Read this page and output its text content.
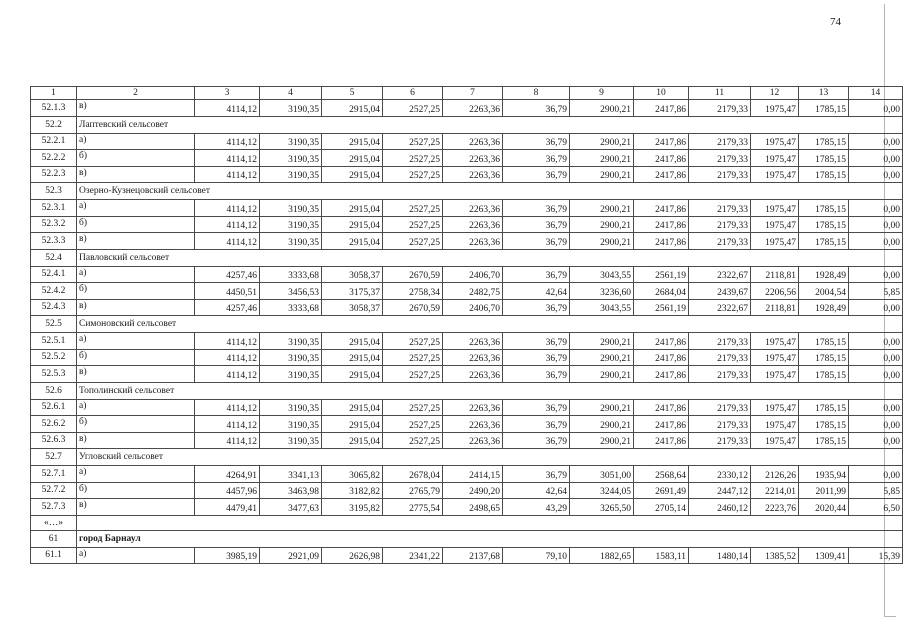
74
1	2	3	4	5	6	7	8	9	10	11	12	13	14
52.1.3	в)	4114,12	3190,35	2915,04	2527,25	2263,36	36,79	2900,21	2417,86	2179,33	1975,47	1785,15	0,00
52.2	Лаптевский сельсовет												
52.2.1	а)	4114,12	3190,35	2915,04	2527,25	2263,36	36,79	2900,21	2417,86	2179,33	1975,47	1785,15	0,00
52.2.2	б)	4114,12	3190,35	2915,04	2527,25	2263,36	36,79	2900,21	2417,86	2179,33	1975,47	1785,15	0,00
52.2.3	в)	4114,12	3190,35	2915,04	2527,25	2263,36	36,79	2900,21	2417,86	2179,33	1975,47	1785,15	0,00
52.3	Озерно-Кузнецовский сельсовет												
52.3.1	а)	4114,12	3190,35	2915,04	2527,25	2263,36	36,79	2900,21	2417,86	2179,33	1975,47	1785,15	0,00
52.3.2	б)	4114,12	3190,35	2915,04	2527,25	2263,36	36,79	2900,21	2417,86	2179,33	1975,47	1785,15	0,00
52.3.3	в)	4114,12	3190,35	2915,04	2527,25	2263,36	36,79	2900,21	2417,86	2179,33	1975,47	1785,15	0,00
52.4	Павловский сельсовет												
52.4.1	а)	4257,46	3333,68	3058,37	2670,59	2406,70	36,79	3043,55	2561,19	2322,67	2118,81	1928,49	0,00
52.4.2	б)	4450,51	3456,53	3175,37	2758,34	2482,75	42,64	3236,60	2684,04	2439,67	2206,56	2004,54	5,85
52.4.3	в)	4257,46	3333,68	3058,37	2670,59	2406,70	36,79	3043,55	2561,19	2322,67	2118,81	1928,49	0,00
52.5	Симоновский сельсовет												
52.5.1	а)	4114,12	3190,35	2915,04	2527,25	2263,36	36,79	2900,21	2417,86	2179,33	1975,47	1785,15	0,00
52.5.2	б)	4114,12	3190,35	2915,04	2527,25	2263,36	36,79	2900,21	2417,86	2179,33	1975,47	1785,15	0,00
52.5.3	в)	4114,12	3190,35	2915,04	2527,25	2263,36	36,79	2900,21	2417,86	2179,33	1975,47	1785,15	0,00
52.6	Тополинский сельсовет												
52.6.1	а)	4114,12	3190,35	2915,04	2527,25	2263,36	36,79	2900,21	2417,86	2179,33	1975,47	1785,15	0,00
52.6.2	б)	4114,12	3190,35	2915,04	2527,25	2263,36	36,79	2900,21	2417,86	2179,33	1975,47	1785,15	0,00
52.6.3	в)	4114,12	3190,35	2915,04	2527,25	2263,36	36,79	2900,21	2417,86	2179,33	1975,47	1785,15	0,00
52.7	Угловский сельсовет												
52.7.1	а)	4264,91	3341,13	3065,82	2678,04	2414,15	36,79	3051,00	2568,64	2330,12	2126,26	1935,94	0,00
52.7.2	б)	4457,96	3463,98	3182,82	2765,79	2490,20	42,64	3244,05	2691,49	2447,12	2214,01	2011,99	5,85
52.7.3	в)	4479,41	3477,63	3195,82	2775,54	2498,65	43,29	3265,50	2705,14	2460,12	2223,76	2020,44	6,50
«…»													
61	город Барнаул												
61.1	а)	3985,19	2921,09	2626,98	2341,22	2137,68	79,10	1882,65	1583,11	1480,14	1385,52	1309,41	15,39
